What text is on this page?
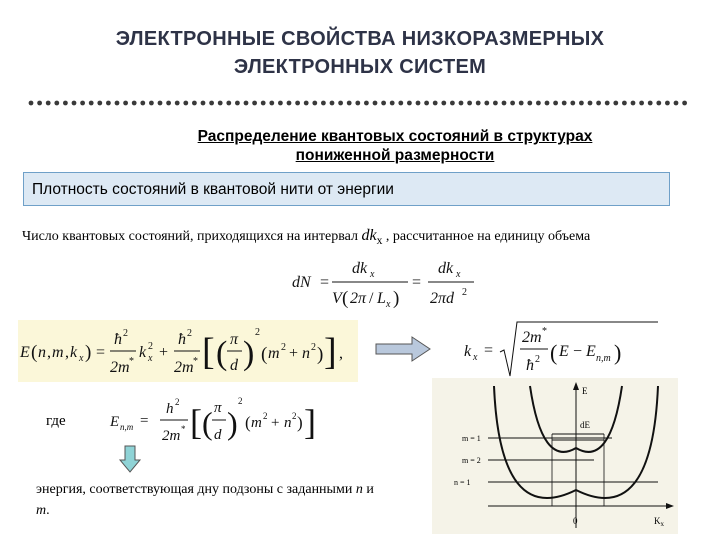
ЭЛЕКТРОННЫЕ СВОЙСТВА НИЗКОРАЗМЕРНЫХ
ЭЛЕКТРОННЫХ СИСТЕМ
Распределение квантовых состояний в структурах
пониженной размерности
Плотность состояний в квантовой нити от энергии
Число квантовых состояний, приходящихся на интервал $dk_x$ , рассчитанное на единицу объема
dN =
dk x
V ( 2π / L x )
=
dk x
2πd 2
E ( n , m , k x ) =
ħ 2
2m *
k x
2 +
ħ 2
2m * [ ( π
d )
2
( m 2 + n 2 ) ] ,	k x =
2m *
ħ 2 ( E − E n,m )
где	E n,m =
h 2
2m * [ ( π
d )
2
( m 2 + n 2 ) ]
энергия, соответствующая дну подзоны с заданными n и m.
E
dE
m = 1
m = 2
n = 1
0	$K_x$
